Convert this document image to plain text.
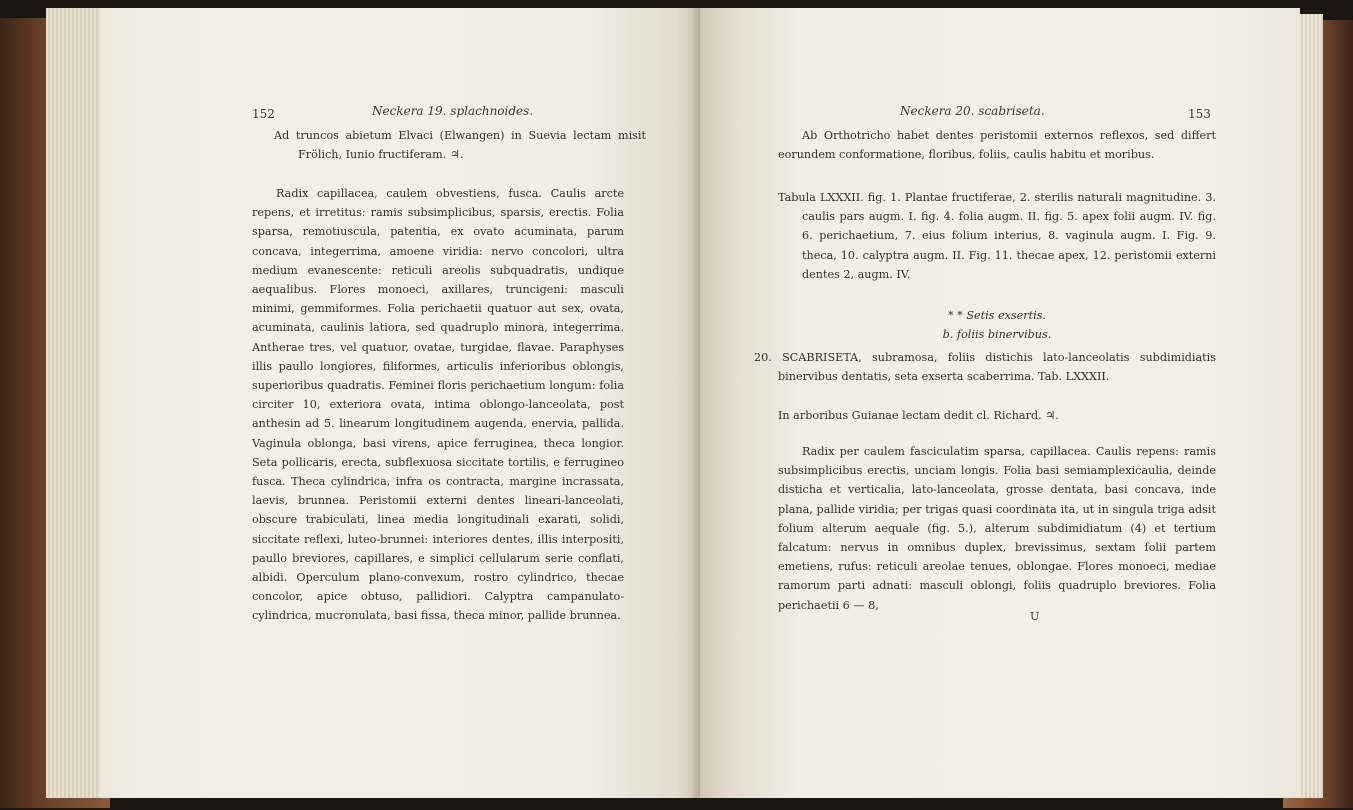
152	Neckera 19. splachnoides.

Ad truncos abietum Elvaci (Elwangen) in Suevia lectam misit Frölich, Iunio fructiferam. ♃.

Radix capillacea, caulem obvestiens, fusca. Caulis arcte repens, et irretitus: ramis subsimplicibus, sparsis, erectis. Folia sparsa, remotiuscula, patentia, ex ovato acuminata, parum concava, integerrima, amoene viridia: nervo concolori, ultra medium evanescente: reticuli areolis subquadratis, undique aequalibus. Flores monoeci, axillares, truncigeni: masculi minimi, gemmiformes. Folia perichaetii quatuor aut sex, ovata, acuminata, caulinis latiora, sed quadruplo minora, integerrima. Antherae tres, vel quatuor, ovatae, turgidae, flavae. Paraphyses illis paullo longiores, filiformes, articulis inferioribus oblongis, superioribus quadratis. Feminei floris perichaetium longum: folia circiter 10, exteriora ovata, intima oblongo-lanceolata, post anthesin ad 5. linearum longitudinem augenda, enervia, pallida. Vaginula oblonga, basi virens, apice ferruginea, theca longior. Seta pollicaris, erecta, subflexuosa siccitate tortilis, e ferrugineo fusca. Theca cylindrica, infra os contracta, margine incrassata, laevis, brunnea. Peristomii externi dentes lineari-lanceolati, obscure trabiculati, linea media longitudinali exarati, solidi, siccitate reflexi, luteo-brunnei: interiores dentes, illis interpositi, paullo breviores, capillares, e simplici cellularum serie conflati, albidi. Operculum plano-convexum, rostro cylindrico, thecae concolor, apice obtuso, pallidiori. Calyptra campanulato-cylindrica, mucronulata, basi fissa, theca minor, pallide brunnea.

Neckera 20. scabriseta.	153

Ab Orthotricho habet dentes peristomii externos reflexos, sed differt eorundem conformatione, floribus, foliis, caulis habitu et moribus.

Tabula LXXXII. fig. 1. Plantae fructiferae, 2. sterilis naturali magnitudine. 3. caulis pars augm. I. fig. 4. folia augm. II. fig. 5. apex folii augm. IV. fig. 6. perichaetium, 7. eius folium interius, 8. vaginula augm. I. Fig. 9. theca, 10. calyptra augm. II. Fig. 11. thecae apex, 12. peristomii externi dentes 2, augm. IV.

* * Setis exsertis.

b. foliis binervibus.

20. SCABRISETA, subramosa, foliis distichis lato-lanceolatis subdimidiatis binervibus dentatis, seta exserta scaberrima. Tab. LXXXII.

In arboribus Guianae lectam dedit cl. Richard. ♃.

Radix per caulem fasciculatim sparsa, capillacea. Caulis repens: ramis subsimplicibus erectis, unciam longis. Folia basi semiamplexicaulia, deinde disticha et verticalia, lato-lanceolata, grosse dentata, basi concava, inde plana, pallide viridia; per trigas quasi coordinata ita, ut in singula triga adsit folium alterum aequale (fig. 5.), alterum subdimidiatum (4) et tertium falcatum: nervus in omnibus duplex, brevissimus, sextam folii partem emetiens, rufus: reticuli areolae tenues, oblongae. Flores monoeci, mediae ramorum parti adnati: masculi oblongi, foliis quadruplo breviores. Folia perichaetii 6 — 8,

U
